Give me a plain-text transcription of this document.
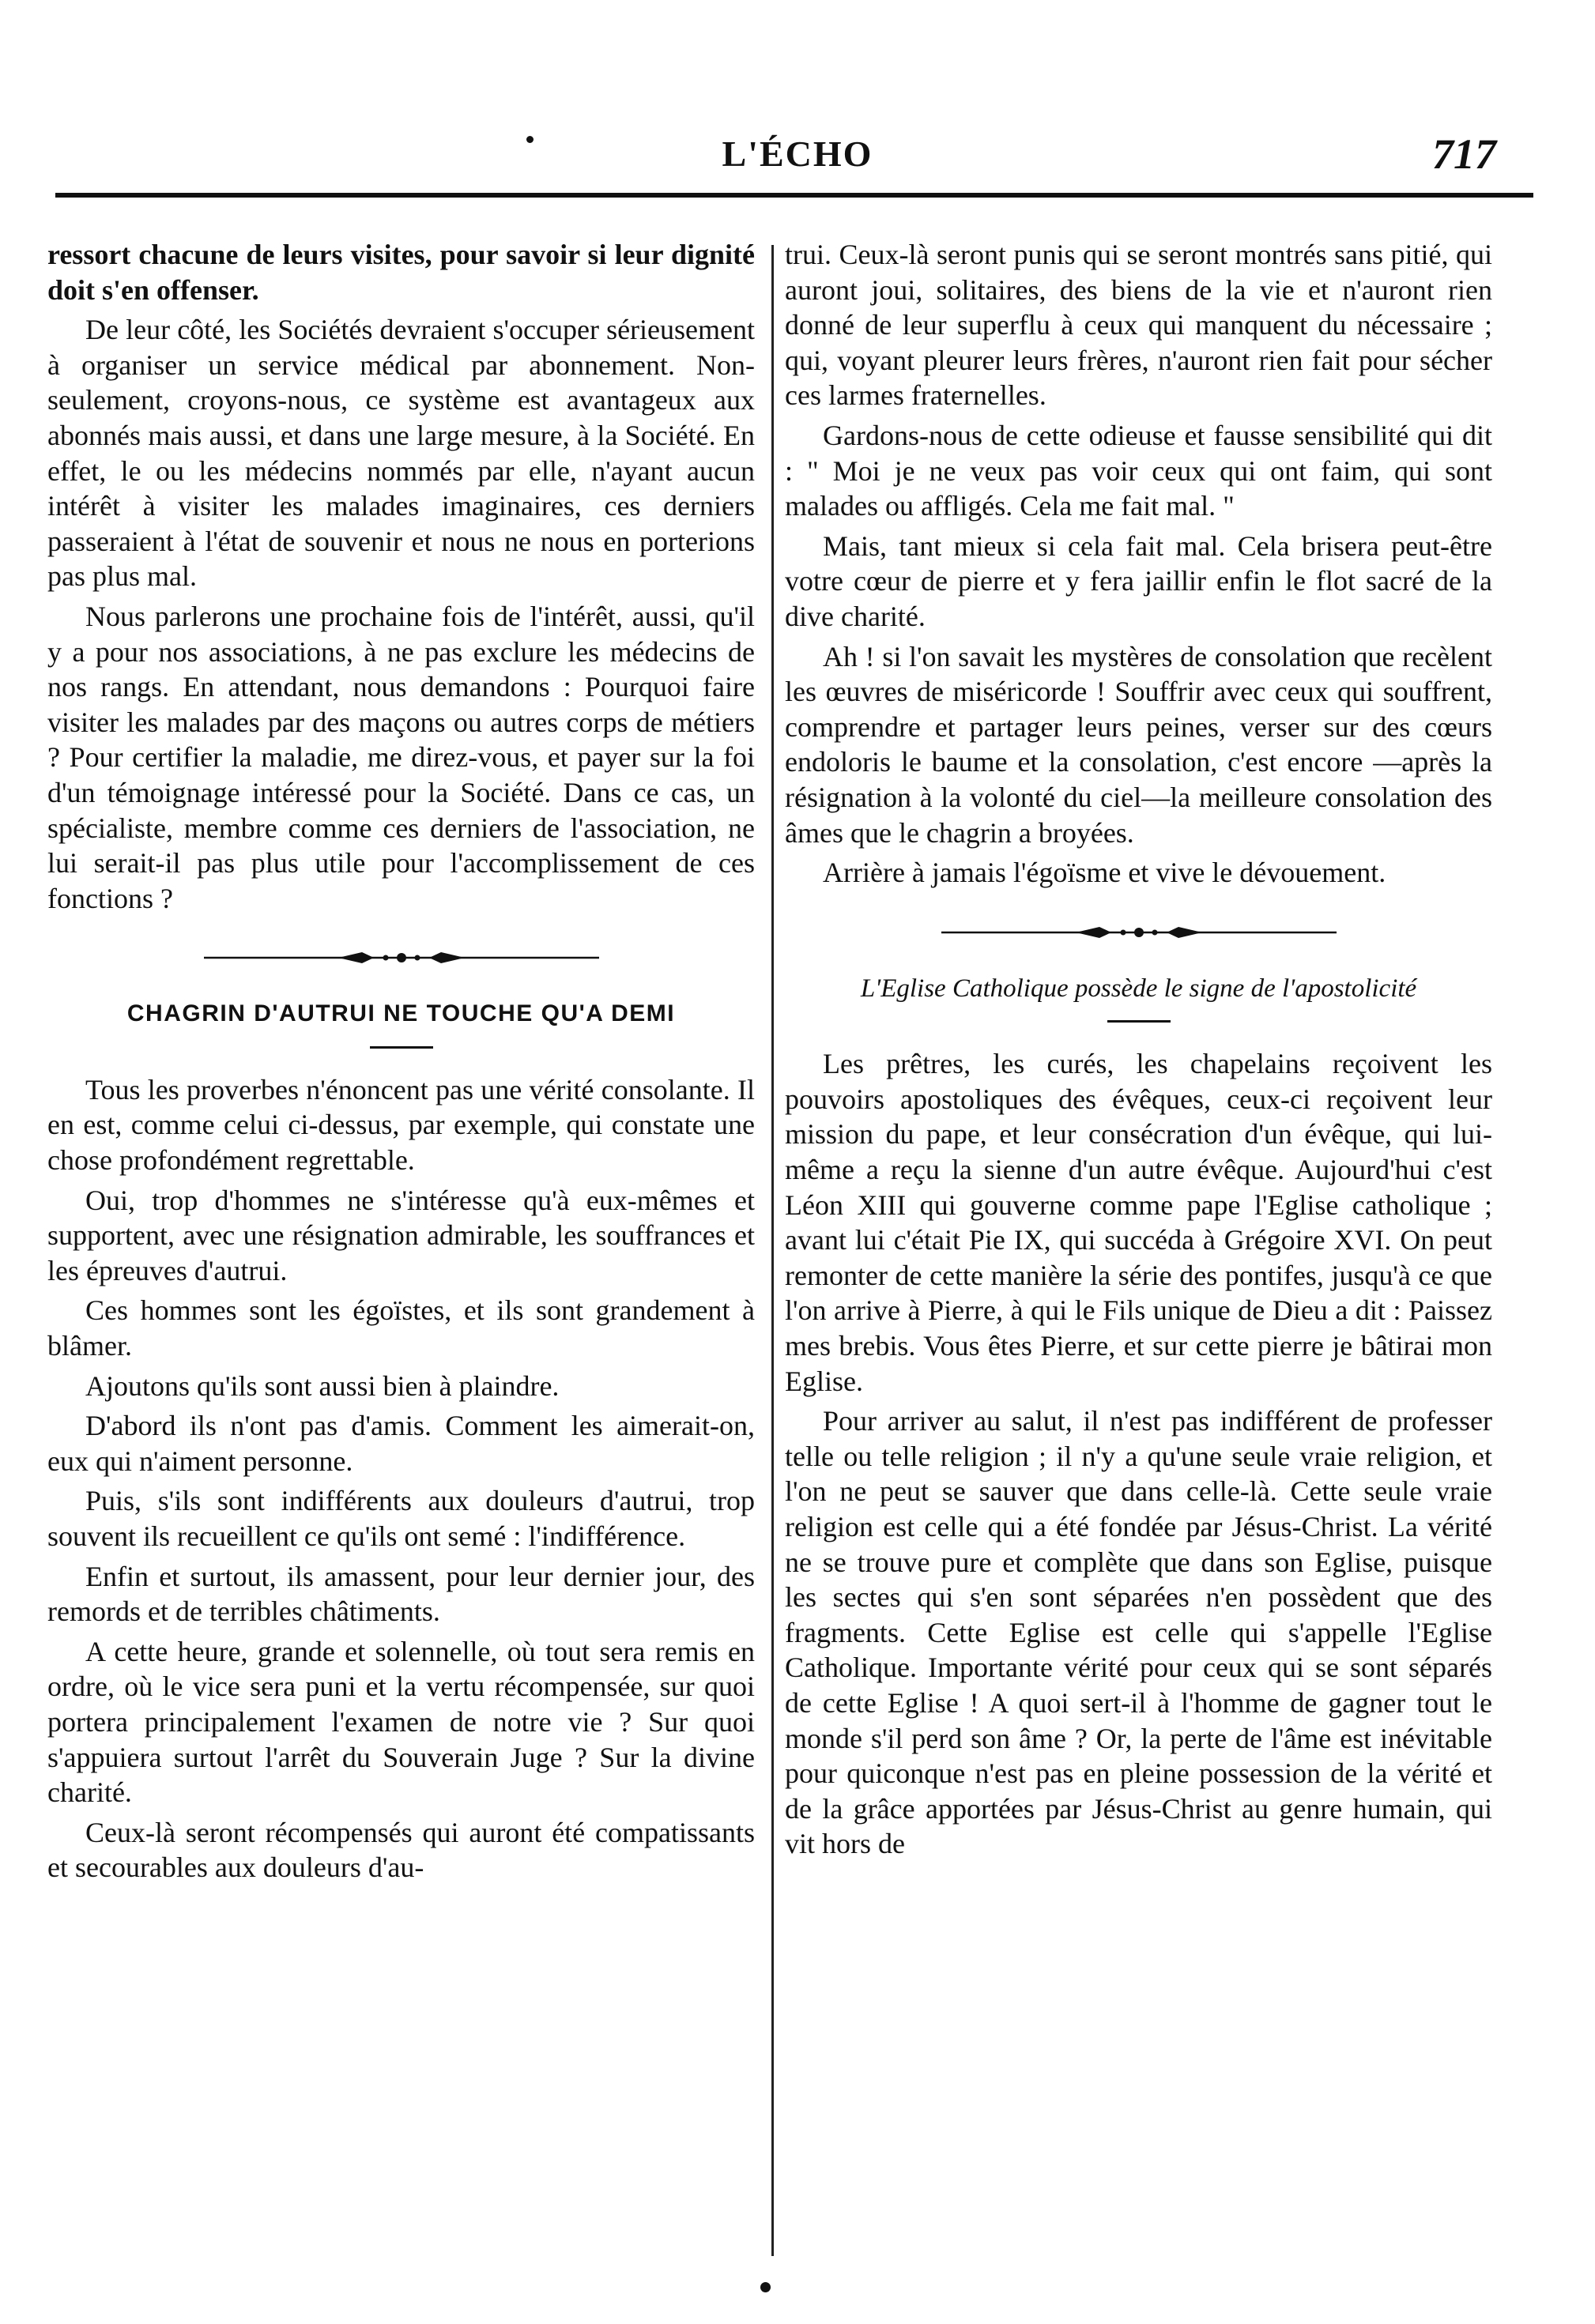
L'ÉCHO	717

ressort chacune de leurs visites, pour savoir si leur dignité doit s'en offenser.

De leur côté, les Sociétés devraient s'occuper sérieusement à organiser un service médical par abonnement. Non-seulement, croyons-nous, ce système est avantageux aux abonnés mais aussi, et dans une large mesure, à la Société. En effet, le ou les médecins nommés par elle, n'ayant aucun intérêt à visiter les malades imaginaires, ces derniers passeraient à l'état de souvenir et nous ne nous en porterions pas plus mal.

Nous parlerons une prochaine fois de l'intérêt, aussi, qu'il y a pour nos associations, à ne pas exclure les médecins de nos rangs. En attendant, nous demandons : Pourquoi faire visiter les malades par des maçons ou autres corps de métiers ? Pour certifier la maladie, me direz-vous, et payer sur la foi d'un témoignage intéressé pour la Société. Dans ce cas, un spécialiste, membre comme ces derniers de l'association, ne lui serait-il pas plus utile pour l'accomplissement de ces fonctions ?

CHAGRIN D'AUTRUI NE TOUCHE QU'A DEMI

Tous les proverbes n'énoncent pas une vérité consolante. Il en est, comme celui ci-dessus, par exemple, qui constate une chose profondément regrettable.

Oui, trop d'hommes ne s'intéresse qu'à eux-mêmes et supportent, avec une résignation admirable, les souffrances et les épreuves d'autrui.

Ces hommes sont les égoïstes, et ils sont grandement à blâmer.

Ajoutons qu'ils sont aussi bien à plaindre.

D'abord ils n'ont pas d'amis. Comment les aimerait-on, eux qui n'aiment personne.

Puis, s'ils sont indifférents aux douleurs d'autrui, trop souvent ils recueillent ce qu'ils ont semé : l'indifférence.

Enfin et surtout, ils amassent, pour leur dernier jour, des remords et de terribles châtiments.

A cette heure, grande et solennelle, où tout sera remis en ordre, où le vice sera puni et la vertu récompensée, sur quoi portera principalement l'examen de notre vie ? Sur quoi s'appuiera surtout l'arrêt du Souverain Juge ? Sur la divine charité.

Ceux-là seront récompensés qui auront été compatissants et secourables aux douleurs d'au-

trui. Ceux-là seront punis qui se seront montrés sans pitié, qui auront joui, solitaires, des biens de la vie et n'auront rien donné de leur superflu à ceux qui manquent du nécessaire ; qui, voyant pleurer leurs frères, n'auront rien fait pour sécher ces larmes fraternelles.

Gardons-nous de cette odieuse et fausse sensibilité qui dit : " Moi je ne veux pas voir ceux qui ont faim, qui sont malades ou affligés. Cela me fait mal. "

Mais, tant mieux si cela fait mal. Cela brisera peut-être votre cœur de pierre et y fera jaillir enfin le flot sacré de la dive charité.

Ah ! si l'on savait les mystères de consolation que recèlent les œuvres de miséricorde ! Souffrir avec ceux qui souffrent, comprendre et partager leurs peines, verser sur des cœurs endoloris le baume et la consolation, c'est encore —après la résignation à la volonté du ciel—la meilleure consolation des âmes que le chagrin a broyées.

Arrière à jamais l'égoïsme et vive le dévouement.

L'Eglise Catholique possède le signe de l'apostolicité

Les prêtres, les curés, les chapelains reçoivent les pouvoirs apostoliques des évêques, ceux-ci reçoivent leur mission du pape, et leur consécration d'un évêque, qui lui-même a reçu la sienne d'un autre évêque. Aujourd'hui c'est Léon XIII qui gouverne comme pape l'Eglise catholique ; avant lui c'était Pie IX, qui succéda à Grégoire XVI. On peut remonter de cette manière la série des pontifes, jusqu'à ce que l'on arrive à Pierre, à qui le Fils unique de Dieu a dit : Paissez mes brebis. Vous êtes Pierre, et sur cette pierre je bâtirai mon Eglise.

Pour arriver au salut, il n'est pas indifférent de professer telle ou telle religion ; il n'y a qu'une seule vraie religion, et l'on ne peut se sauver que dans celle-là. Cette seule vraie religion est celle qui a été fondée par Jésus-Christ. La vérité ne se trouve pure et complète que dans son Eglise, puisque les sectes qui s'en sont séparées n'en possèdent que des fragments. Cette Eglise est celle qui s'appelle l'Eglise Catholique. Importante vérité pour ceux qui se sont séparés de cette Eglise ! A quoi sert-il à l'homme de gagner tout le monde s'il perd son âme ? Or, la perte de l'âme est inévitable pour quiconque n'est pas en pleine possession de la vérité et de la grâce apportées par Jésus-Christ au genre humain, qui vit hors de
